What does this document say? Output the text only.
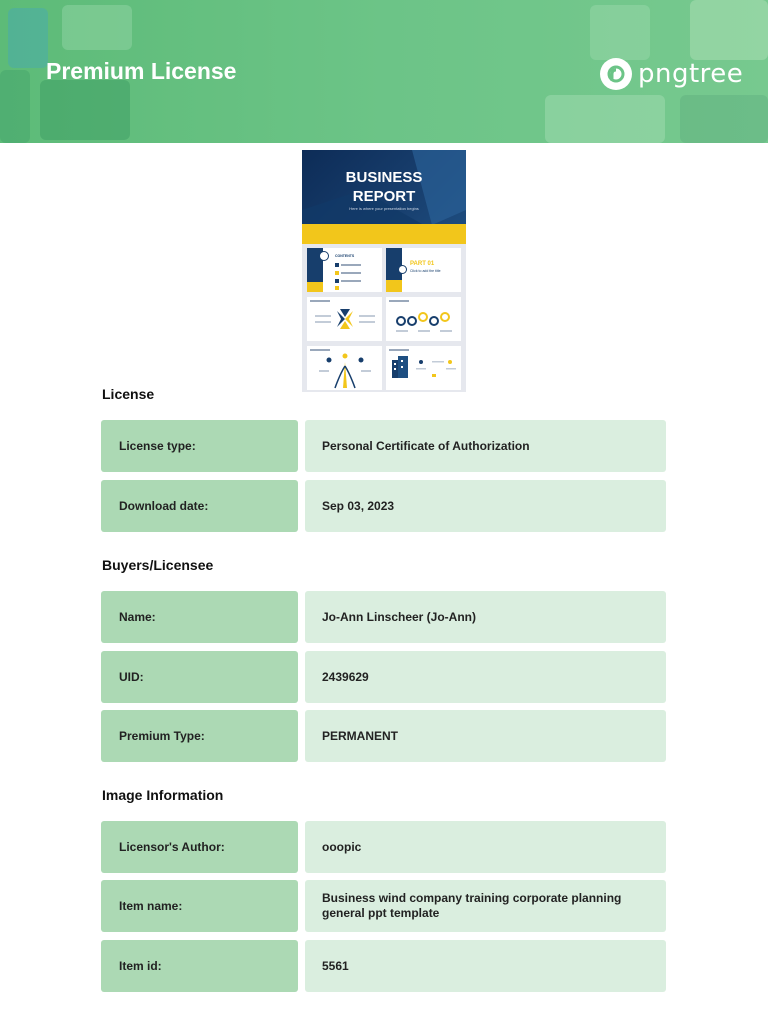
Premium License	pngtree
BUSINESS
REPORT
Here is where your presentation begins
CONTENTS
PART 01
Click to add the title
License
License type:	Personal Certificate of Authorization
Download date:	Sep 03, 2023
Buyers/Licensee
Name:	Jo-Ann Linscheer (Jo-Ann)
UID:	2439629
Premium Type:	PERMANENT
Image Information
Licensor's Author:	ooopic
Item name:
Business wind company training corporate planning general ppt template
Item id:	5561
